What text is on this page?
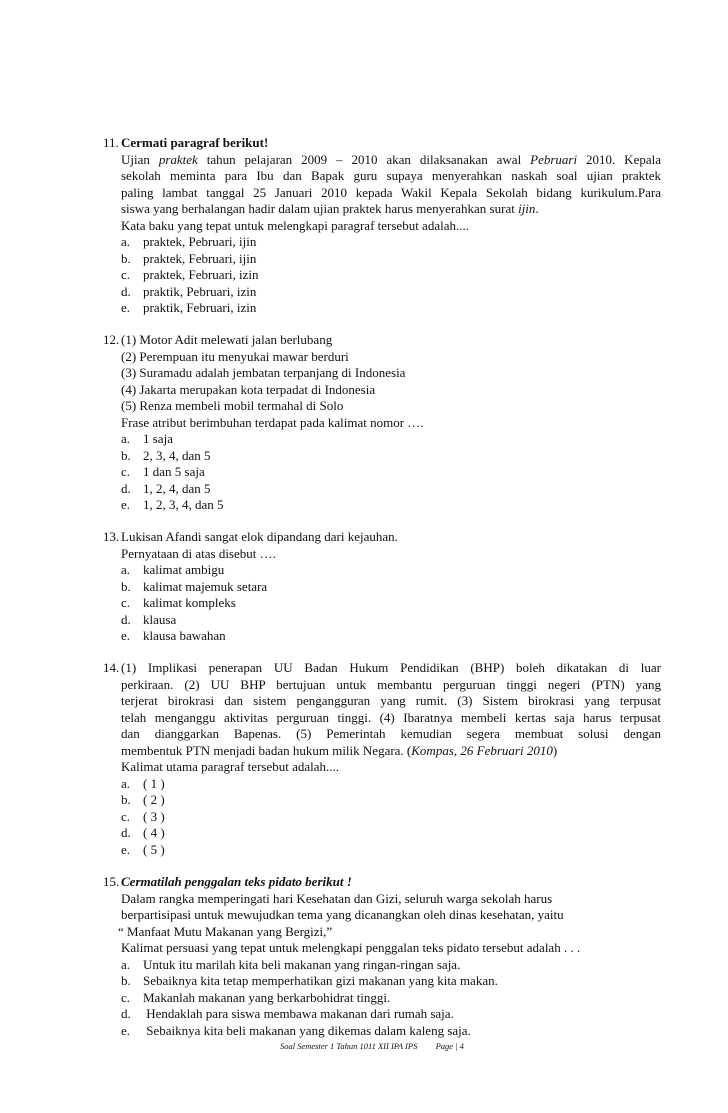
11. Cermati paragraf berikut!
Ujian praktek tahun pelajaran 2009 – 2010 akan dilaksanakan awal Pebruari 2010. Kepala
sekolah meminta para Ibu dan Bapak guru supaya menyerahkan naskah soal ujian praktek
paling lambat tanggal 25 Januari 2010 kepada Wakil Kepala Sekolah bidang kurikulum.Para
siswa yang berhalangan hadir dalam ujian praktek harus menyerahkan surat ijin.
Kata baku yang tepat untuk melengkapi paragraf tersebut adalah....
a. praktek, Pebruari, ijin
b. praktek, Februari, ijin
c. praktek, Februari, izin
d. praktik, Pebruari, izin
e. praktik, Februari, izin
12. (1) Motor Adit melewati jalan berlubang
(2) Perempuan itu menyukai mawar berduri
(3) Suramadu adalah jembatan terpanjang di Indonesia
(4) Jakarta merupakan kota terpadat di Indonesia
(5) Renza membeli mobil termahal di Solo
Frase atribut berimbuhan terdapat pada kalimat nomor ….
a. 1 saja
b. 2, 3, 4, dan 5
c. 1 dan 5 saja
d. 1, 2, 4, dan 5
e. 1, 2, 3, 4, dan 5
13. Lukisan Afandi sangat elok dipandang dari kejauhan.
Pernyataan di atas disebut ….
a. kalimat ambigu
b. kalimat majemuk setara
c. kalimat kompleks
d. klausa
e. klausa bawahan
14. (1) Implikasi penerapan UU Badan Hukum Pendidikan (BHP) boleh dikatakan di luar
perkiraan. (2) UU BHP bertujuan untuk membantu perguruan tinggi negeri (PTN) yang
terjerat birokrasi dan sistem pengangguran yang rumit. (3) Sistem birokrasi yang terpusat
telah menganggu aktivitas perguruan tinggi. (4) Ibaratnya membeli kertas saja harus terpusat
dan dianggarkan Bapenas. (5) Pemerintah kemudian segera membuat solusi dengan
membentuk PTN menjadi badan hukum milik Negara. (Kompas, 26 Februari 2010)
Kalimat utama paragraf tersebut adalah....
a. ( 1 )
b. ( 2 )
c. ( 3 )
d. ( 4 )
e. ( 5 )
15. Cermatilah penggalan teks pidato berikut !
Dalam rangka memperingati hari Kesehatan dan Gizi, seluruh warga sekolah harus
berpartisipasi untuk mewujudkan tema yang dicanangkan oleh dinas kesehatan, yaitu
“ Manfaat Mutu Makanan yang Bergizi,”
Kalimat persuasi yang tepat untuk melengkapi penggalan teks pidato tersebut adalah . . .
a. Untuk itu marilah kita beli makanan yang ringan-ringan saja.
b. Sebaiknya kita tetap memperhatikan gizi makanan yang kita makan.
c. Makanlah makanan yang berkarbohidrat tinggi.
d. Hendaklah para siswa membawa makanan dari rumah saja.
e. Sebaiknya kita beli makanan yang dikemas dalam kaleng saja.
Soal Semester 1 Tahun 1011 XII IPA IPS Page | 4
